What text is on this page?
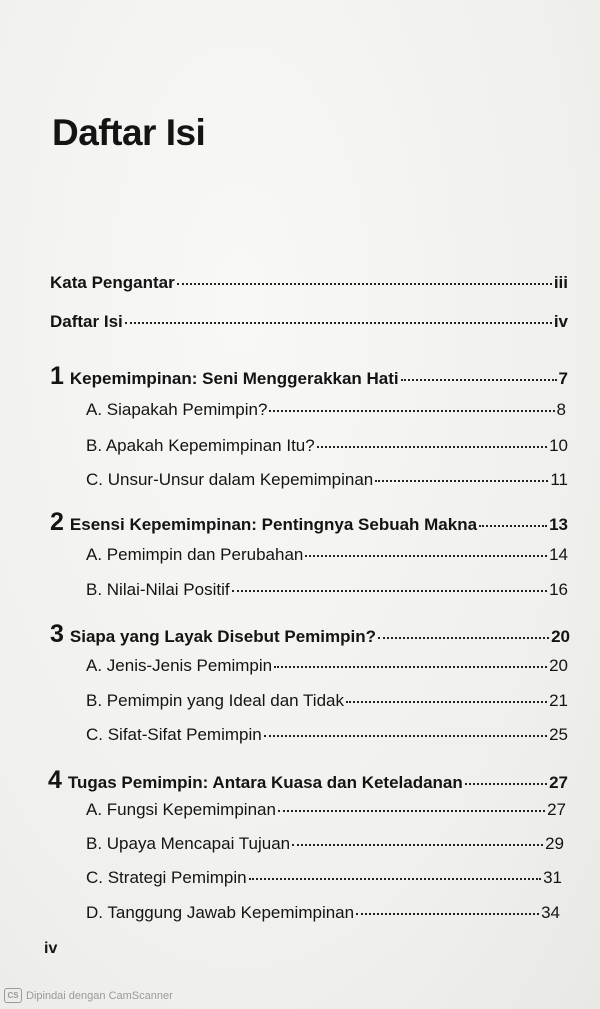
Daftar Isi
Kata Pengantar	iii
Daftar Isi	iv
1 Kepemimpinan: Seni Menggerakkan Hati	7
A. Siapakah Pemimpin?	8
B. Apakah Kepemimpinan Itu?	10
C. Unsur-Unsur dalam Kepemimpinan	11
2 Esensi Kepemimpinan: Pentingnya Sebuah Makna	13
A. Pemimpin dan Perubahan	14
B. Nilai-Nilai Positif	16
3 Siapa yang Layak Disebut Pemimpin?	20
A. Jenis-Jenis Pemimpin	20
B. Pemimpin yang Ideal dan Tidak	21
C. Sifat-Sifat Pemimpin	25
4 Tugas Pemimpin: Antara Kuasa dan Keteladanan	27
A. Fungsi Kepemimpinan	27
B. Upaya Mencapai Tujuan	29
C. Strategi Pemimpin	31
D. Tanggung Jawab Kepemimpinan	34
iv
CS Dipindai dengan CamScanner
